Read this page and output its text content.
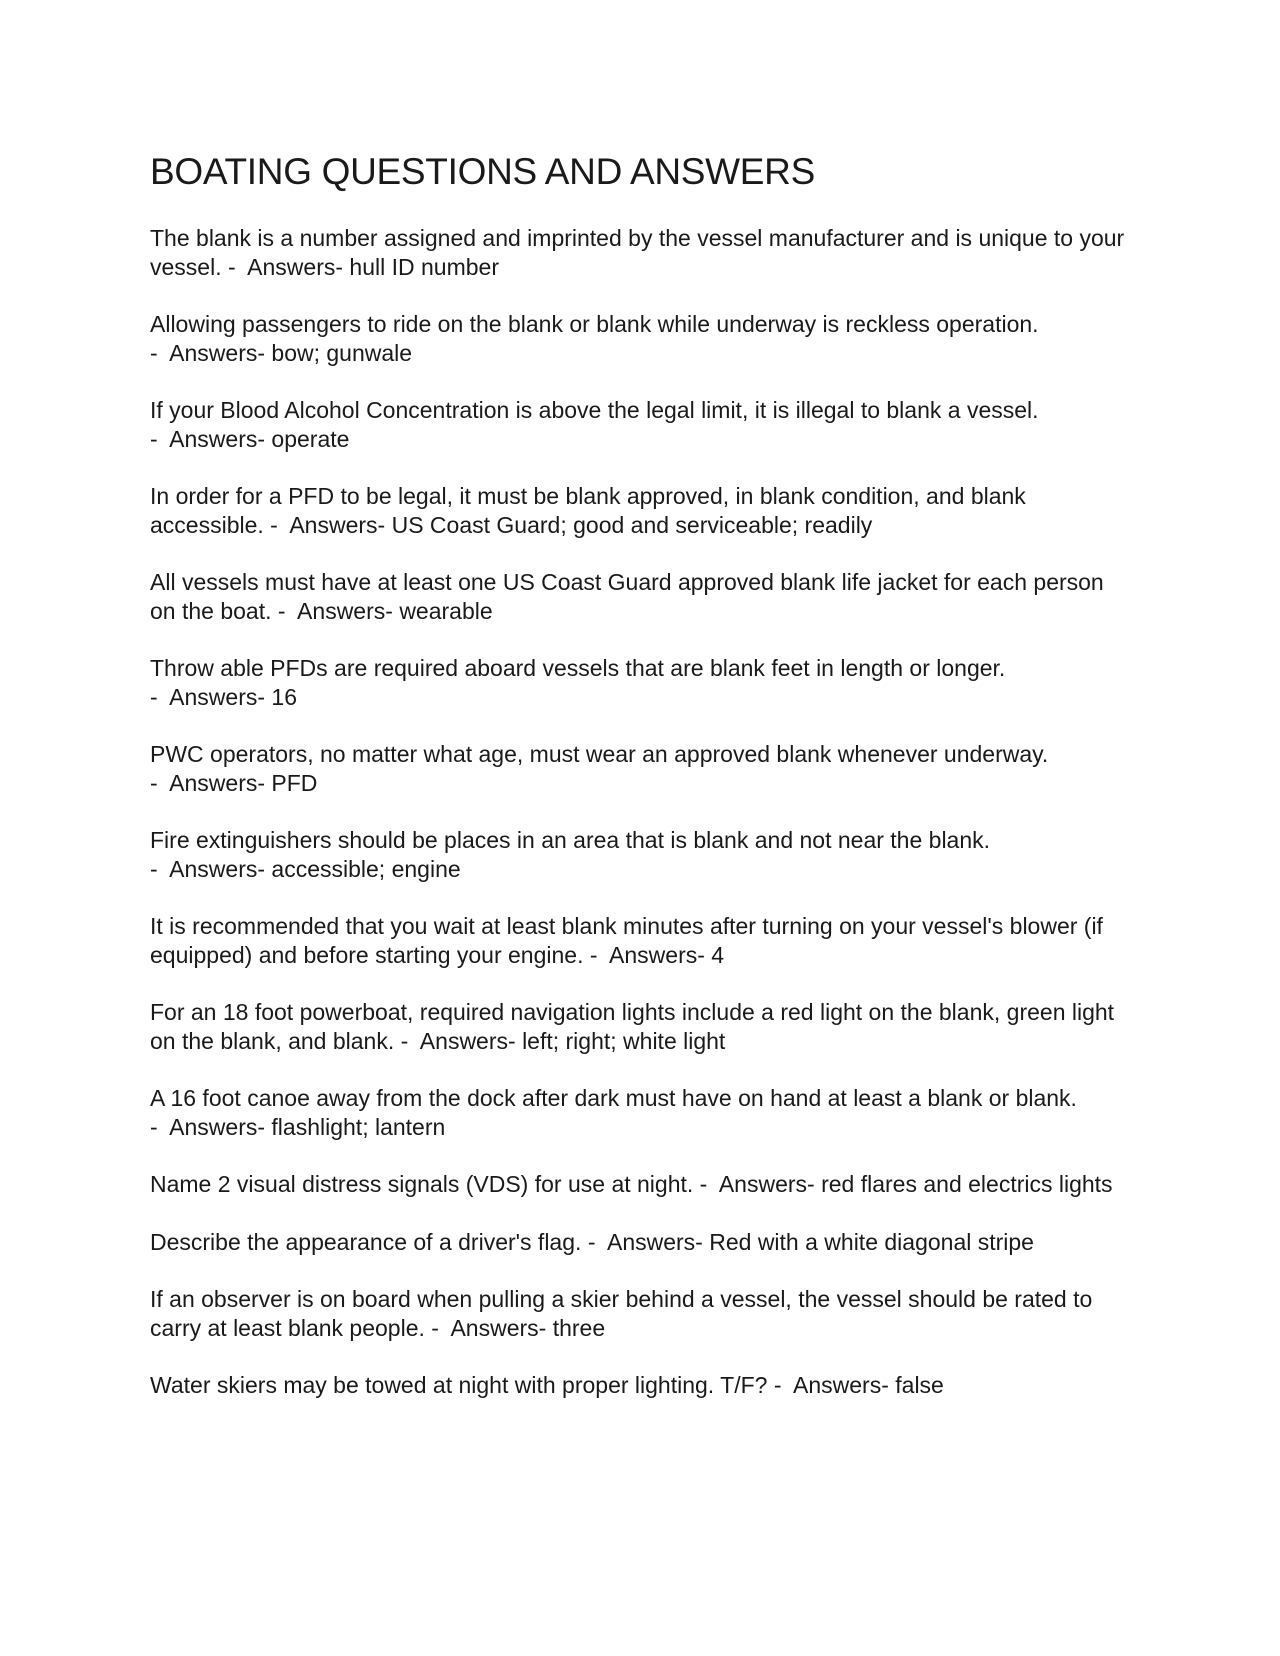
BOATING QUESTIONS AND ANSWERS

The blank is a number assigned and imprinted by the vessel manufacturer and is unique to your vessel. -  Answers- hull ID number

Allowing passengers to ride on the blank or blank while underway is reckless operation. -  Answers- bow; gunwale

If your Blood Alcohol Concentration is above the legal limit, it is illegal to blank a vessel. -  Answers- operate

In order for a PFD to be legal, it must be blank approved, in blank condition, and blank accessible. -  Answers- US Coast Guard; good and serviceable; readily

All vessels must have at least one US Coast Guard approved blank life jacket for each person on the boat. -  Answers- wearable

Throw able PFDs are required aboard vessels that are blank feet in length or longer. -  Answers- 16

PWC operators, no matter what age, must wear an approved blank whenever underway. -  Answers- PFD

Fire extinguishers should be places in an area that is blank and not near the blank. -  Answers- accessible; engine

It is recommended that you wait at least blank minutes after turning on your vessel's blower (if equipped) and before starting your engine. -  Answers- 4

For an 18 foot powerboat, required navigation lights include a red light on the blank, green light on the blank, and blank. -  Answers- left; right; white light

A 16 foot canoe away from the dock after dark must have on hand at least a blank or blank. -  Answers- flashlight; lantern

Name 2 visual distress signals (VDS) for use at night. -  Answers- red flares and electrics lights

Describe the appearance of a driver's flag. -  Answers- Red with a white diagonal stripe

If an observer is on board when pulling a skier behind a vessel, the vessel should be rated to carry at least blank people. -  Answers- three

Water skiers may be towed at night with proper lighting. T/F? -  Answers- false
